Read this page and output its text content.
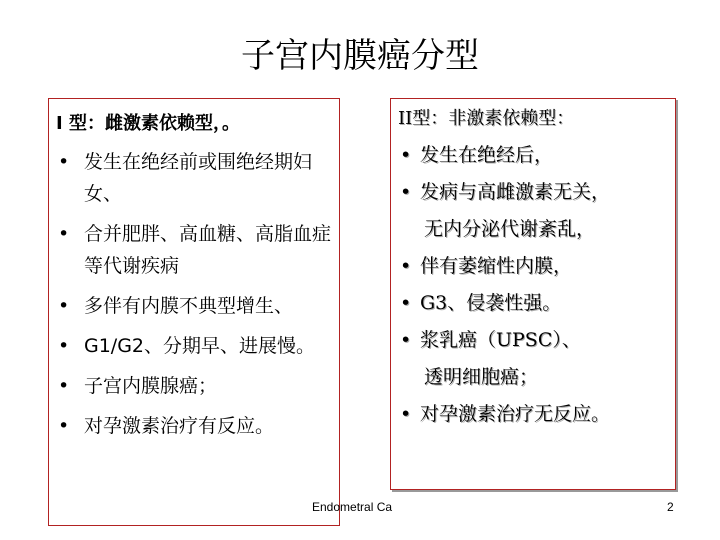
子宫内膜癌分型
I 型：雌激素依赖型，。
• 发生在绝经前或围绝经期妇女、
• 合并肥胖、高血糖、高脂血症等代谢疾病
• 多伴有内膜不典型增生、
• G1/G2、分期早、进展慢。
• 子宫内膜腺癌；
• 对孕激素治疗有反应。
II型：非激素依赖型：
• 发生在绝经后，
• 发病与高雌激素无关，
无内分泌代谢紊乱，
• 伴有萎缩性内膜，
• G3、侵袭性强。
• 浆乳癌（UPSC）、
透明细胞癌；
• 对孕激素治疗无反应。
Endometral Ca	2
